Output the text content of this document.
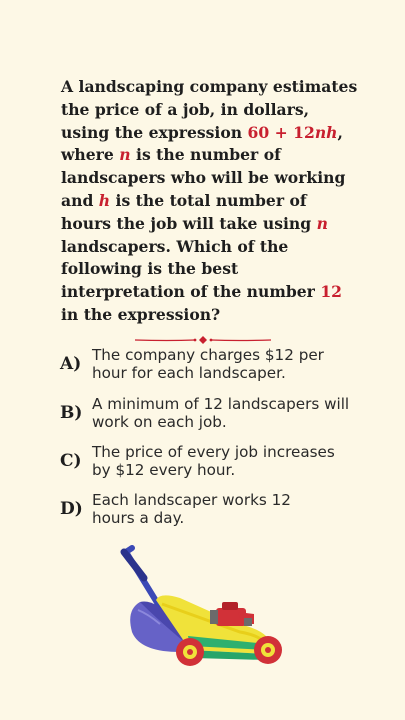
A landscaping company estimates the price of a job, in dollars, using the expression 60 + 12nh, where n is the number of landscapers who will be working and h is the total number of hours the job will take using n landscapers. Which of the following is the best interpretation of the number 12 in the expression?

A) The company charges $12 per hour for each landscaper.
B) A minimum of 12 landscapers will work on each job.
C) The price of every job increases by $12 every hour.
D) Each landscaper works 12 hours a day.
